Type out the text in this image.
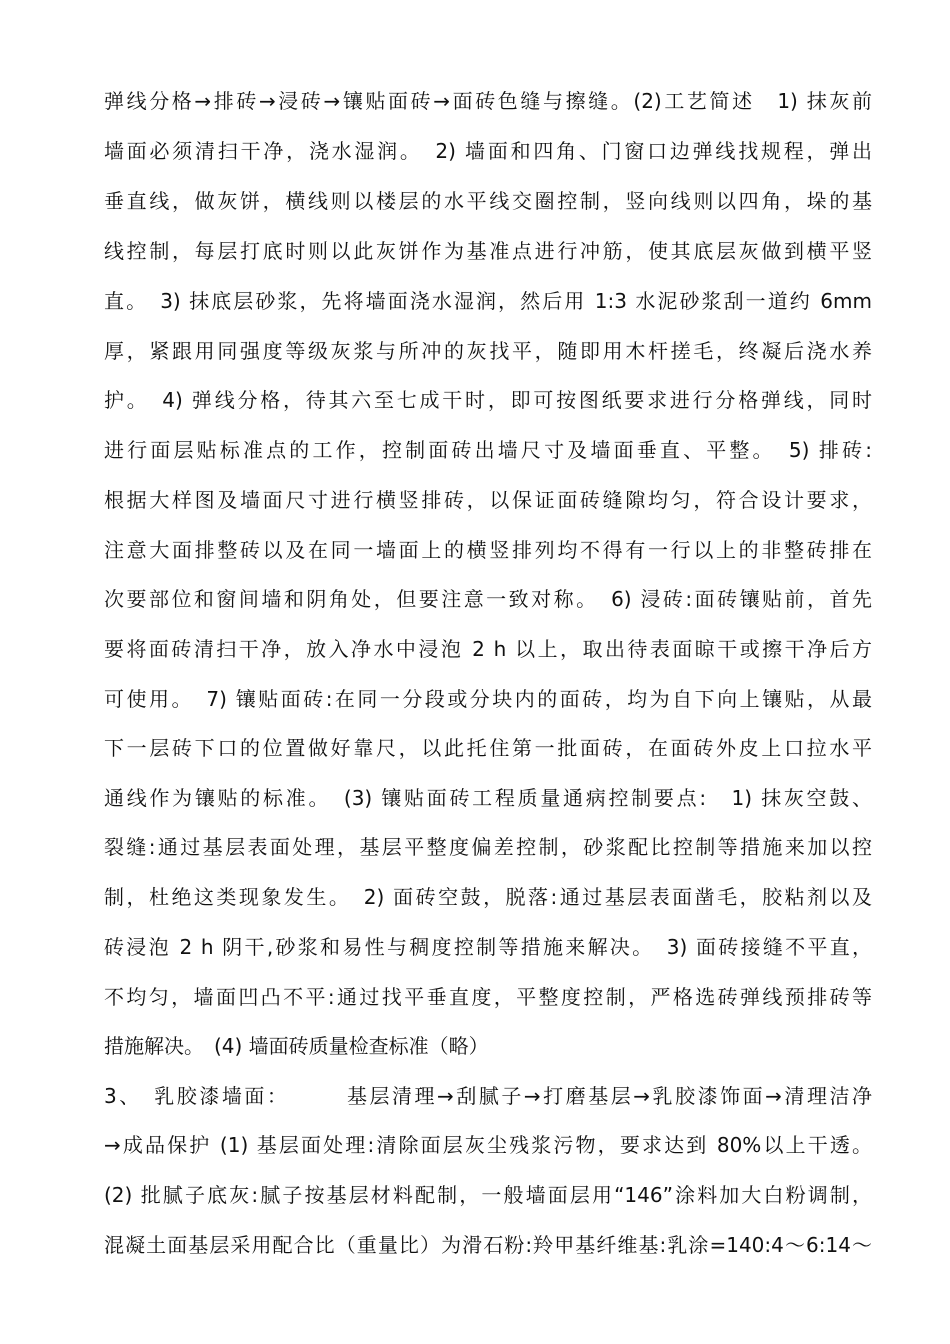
弹线分格→排砖→浸砖→镶贴面砖→面砖色缝与擦缝。(2)工艺简述　1) 抹灰前
墙面必须清扫干净，浇水湿润。　2) 墙面和四角、门窗口边弹线找规程，弹出
垂直线，做灰饼，横线则以楼层的水平线交圈控制，竖向线则以四角，垛的基
线控制，每层打底时则以此灰饼作为基准点进行冲筋，使其底层灰做到横平竖
直。　3) 抹底层砂浆，先将墙面浇水湿润，然后用 1:3 水泥砂浆刮一道约 6mm
厚，紧跟用同强度等级灰浆与所冲的灰找平，随即用木杆搓毛，终凝后浇水养
护。　4) 弹线分格，待其六至七成干时，即可按图纸要求进行分格弹线，同时
进行面层贴标准点的工作，控制面砖出墙尺寸及墙面垂直、平整。　5) 排砖:
根据大样图及墙面尺寸进行横竖排砖，以保证面砖缝隙均匀，符合设计要求，
注意大面排整砖以及在同一墙面上的横竖排列均不得有一行以上的非整砖排在
次要部位和窗间墙和阴角处，但要注意一致对称。　6) 浸砖:面砖镶贴前，首先
要将面砖清扫干净，放入净水中浸泡 2 h 以上，取出待表面晾干或擦干净后方
可使用。　7) 镶贴面砖:在同一分段或分块内的面砖，均为自下向上镶贴，从最
下一层砖下口的位置做好靠尺，以此托住第一批面砖，在面砖外皮上口拉水平
通线作为镶贴的标准。　(3) 镶贴面砖工程质量通病控制要点:　1) 抹灰空鼓、
裂缝:通过基层表面处理，基层平整度偏差控制，砂浆配比控制等措施来加以控
制，杜绝这类现象发生。　2) 面砖空鼓，脱落:通过基层表面凿毛，胶粘剂以及
砖浸泡 2 h 阴干,砂浆和易性与稠度控制等措施来解决。　3) 面砖接缝不平直，
不均匀，墙面凹凸不平:通过找平垂直度，平整度控制，严格选砖弹线预排砖等
措施解决。　(4) 墙面砖质量检查标准（略）
3、　乳胶漆墙面：　　　基层清理→刮腻子→打磨基层→乳胶漆饰面→清理洁净
→成品保护 (1) 基层面处理:清除面层灰尘残浆污物，要求达到 80%以上干透。
(2) 批腻子底灰:腻子按基层材料配制，一般墙面层用“146”涂料加大白粉调制，
混凝土面基层采用配合比（重量比）为滑石粉:羚甲基纤维基:乳涂=140:4～6:14～
